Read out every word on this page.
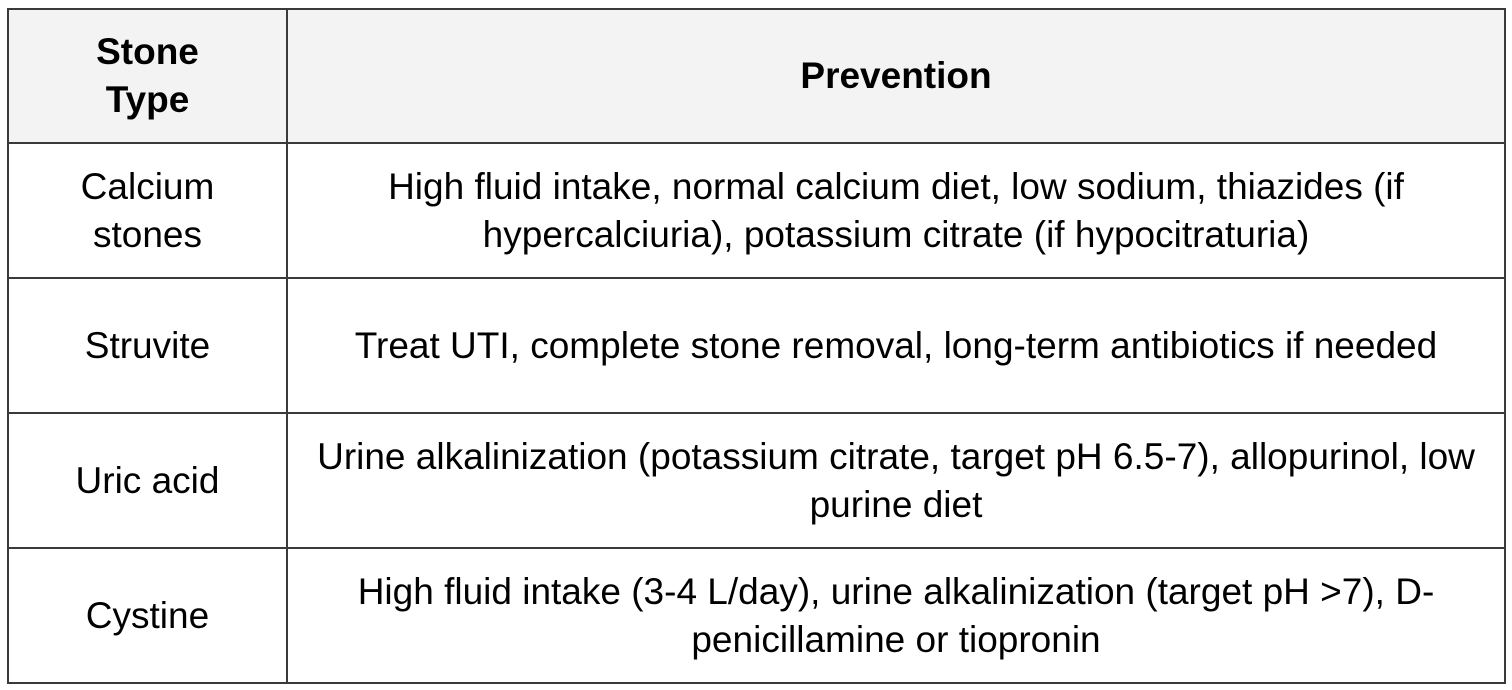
Stone Type	Prevention
Calcium stones	High fluid intake, normal calcium diet, low sodium, thiazides (if hypercalciuria), potassium citrate (if hypocitraturia)
Struvite	Treat UTI, complete stone removal, long-term antibiotics if needed
Uric acid	Urine alkalinization (potassium citrate, target pH 6.5-7), allopurinol, low purine diet
Cystine	High fluid intake (3-4 L/day), urine alkalinization (target pH >7), D-penicillamine or tiopronin
